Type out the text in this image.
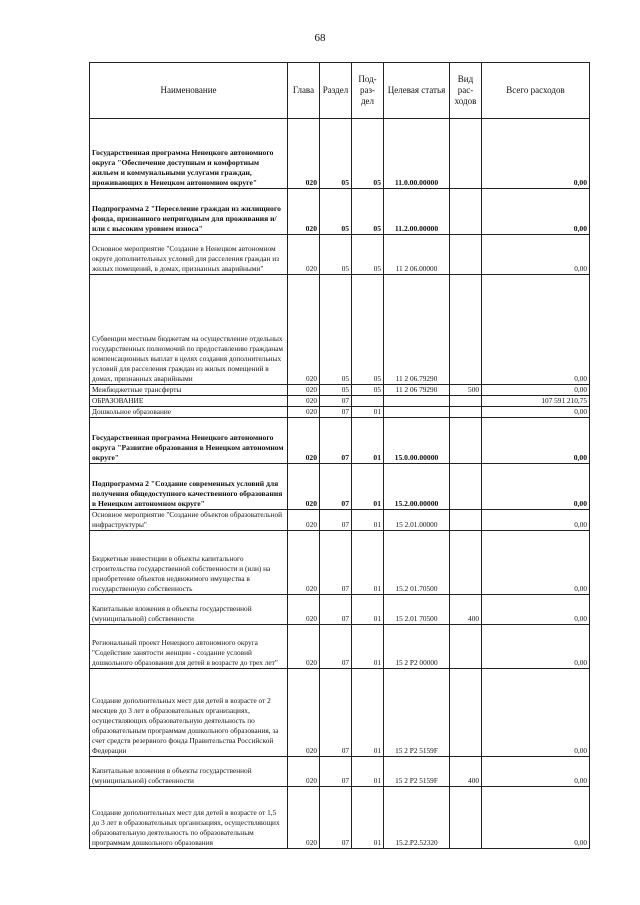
68
Наименование	Глава	Раздел	Под-раз-дел	Целевая статья	Вид рас-ходов	Всего расходов
Государственная программа Ненецкого автономного округа "Обеспечение доступным и комфортным жильем и коммунальными услугами граждан, проживающих в Ненецком автономном округе"	020	05	05	11.0.00.00000		0,00
Подпрограмма 2 "Переселение граждан из жилищного фонда, признанного непригодным для проживания и/или с высоким уровнем износа"	020	05	05	11.2.00.00000		0,00
Основное мероприятие "Создание в Ненецком автономном округе дополнительных условий для расселения граждан из жилых помещений, в домах, признанных аварийными"	020	05	05	11 2 06.00000		0,00
Субвенции местным бюджетам на осуществление отдельных государственных полномочий по предоставлению гражданам компенсационных выплат в целях создания дополнительных условий для расселения граждан из жилых помещений в домах, признанных аварийными	020	05	05	11 2 06.79290		0,00
Межбюджетные трансферты	020	05	05	11 2 06 79290	500	0,00
ОБРАЗОВАНИЕ	020	07				107 591 210,75
Дошкольное образование	020	07	01			0,00
Государственная программа Ненецкого автономного округа "Развитие образования в Ненецком автономном округе"	020	07	01	15.0.00.00000		0,00
Подпрограмма 2 "Создание современных условий для получения общедоступного качественного образования в Ненецком автономном округе"	020	07	01	15.2.00.00000		0,00
Основное мероприятие "Создание объектов образовательной инфраструктуры"	020	07	01	15 2.01.00000		0,00
Бюджетные инвестиции в объекты капитального строительства государственной собственности и (или) на приобретение объектов недвижимого имущества в государственную собственность	020	07	01	15.2 01.70500		0,00
Капитальные вложения в объекты государственной (муниципальной) собственности	020	07	01	15 2.01 70500	400	0,00
Региональный проект Ненецкого автономного округа "Содействие занятости женщин - создание условий дошкольного образования для детей в возрасте до трех лет"	020	07	01	15 2 P2 00000		0,00
Создание дополнительных мест для детей в возрасте от 2 месяцев до 3 лет в образовательных организациях, осуществляющих образовательную деятельность по образовательным программам дошкольного образования, за счет средств резервного фонда Правительства Российской Федерации	020	07	01	15 2 P2 5159F		0,00
Капитальные вложения в объекты государственной (муниципальной) собственности	020	07	01	15 2 P2 5159F	400	0,00
Создание дополнительных мест для детей в возрасте от 1,5 до 3 лет в образовательных организациях, осуществляющих образовательную деятельность по образовательным программам дошкольного образования	020	07	01	15.2.P2.52320		0,00
